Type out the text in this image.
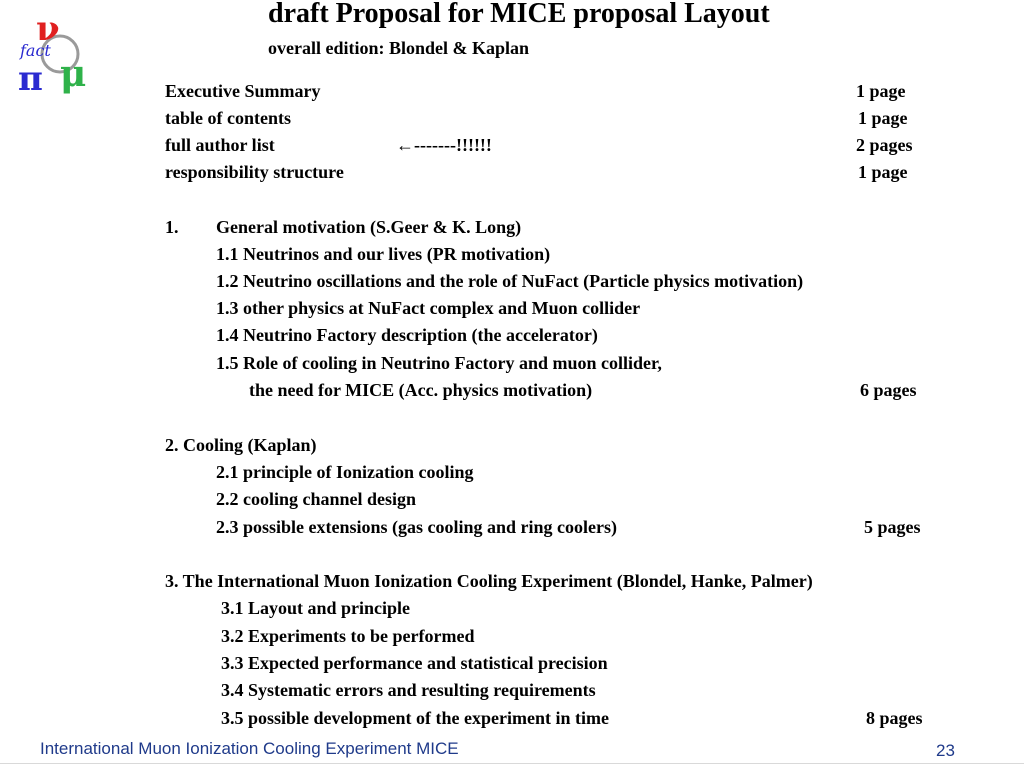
ν
fact
π μ
draft Proposal for MICE proposal Layout
overall edition: Blondel & Kaplan
Executive Summary	1 page
table of contents	1 page
full author list	←-------!!!!!!	2 pages
responsibility structure	1 page
1. General motivation (S.Geer & K. Long)
1.1 Neutrinos and our lives (PR motivation)
1.2 Neutrino oscillations and the role of NuFact (Particle physics motivation)
1.3 other physics at NuFact complex and Muon collider
1.4 Neutrino Factory description (the accelerator)
1.5 Role of cooling in Neutrino Factory and muon collider,
the need for MICE (Acc. physics motivation)	6 pages
2. Cooling (Kaplan)
2.1 principle of Ionization cooling
2.2 cooling channel design
2.3 possible extensions (gas cooling and ring coolers)	5 pages
3. The International Muon Ionization Cooling Experiment (Blondel, Hanke, Palmer)
3.1 Layout and principle
3.2 Experiments to be performed
3.3 Expected performance and statistical precision
3.4 Systematic errors and resulting requirements
3.5 possible development of the experiment in time	8 pages
International Muon Ionization Cooling Experiment MICE	23
